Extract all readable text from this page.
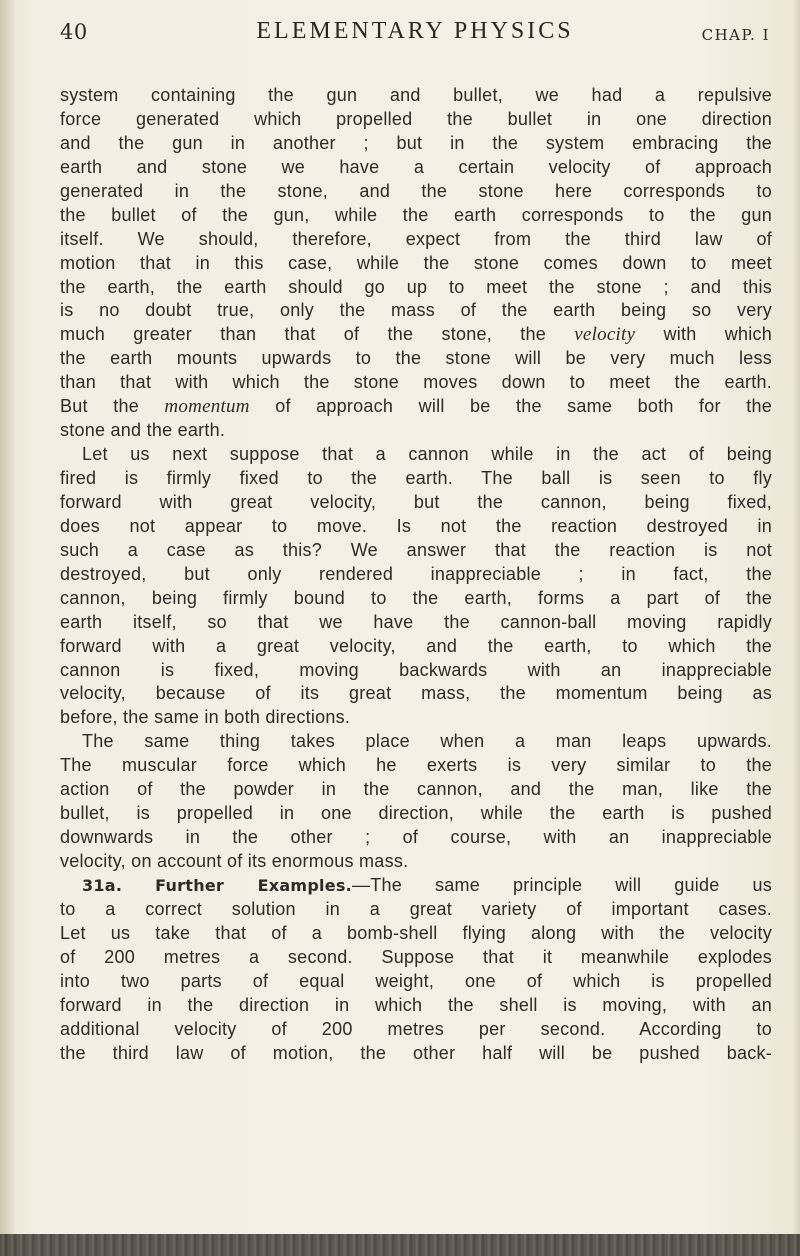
40	ELEMENTARY PHYSICS	CHAP. I
system containing the gun and bullet, we had a repulsive
force generated which propelled the bullet in one direction
and the gun in another ; but in the system embracing the
earth and stone we have a certain velocity of approach
generated in the stone, and the stone here corresponds to
the bullet of the gun, while the earth corresponds to the gun
itself. We should, therefore, expect from the third law of
motion that in this case, while the stone comes down to meet
the earth, the earth should go up to meet the stone ; and this
is no doubt true, only the mass of the earth being so very
much greater than that of the stone, the velocity with which
the earth mounts upwards to the stone will be very much less
than that with which the stone moves down to meet the earth.
But the momentum of approach will be the same both for the
stone and the earth.
Let us next suppose that a cannon while in the act of being
fired is firmly fixed to the earth. The ball is seen to fly
forward with great velocity, but the cannon, being fixed,
does not appear to move. Is not the reaction destroyed in
such a case as this? We answer that the reaction is not
destroyed, but only rendered inappreciable ; in fact, the
cannon, being firmly bound to the earth, forms a part of the
earth itself, so that we have the cannon-ball moving rapidly
forward with a great velocity, and the earth, to which the
cannon is fixed, moving backwards with an inappreciable
velocity, because of its great mass, the momentum being as
before, the same in both directions.
The same thing takes place when a man leaps upwards.
The muscular force which he exerts is very similar to the
action of the powder in the cannon, and the man, like the
bullet, is propelled in one direction, while the earth is pushed
downwards in the other ; of course, with an inappreciable
velocity, on account of its enormous mass.
31a. Further Examples.—The same principle will guide us
to a correct solution in a great variety of important cases.
Let us take that of a bomb-shell flying along with the velocity
of 200 metres a second. Suppose that it meanwhile explodes
into two parts of equal weight, one of which is propelled
forward in the direction in which the shell is moving, with an
additional velocity of 200 metres per second. According to
the third law of motion, the other half will be pushed back-
